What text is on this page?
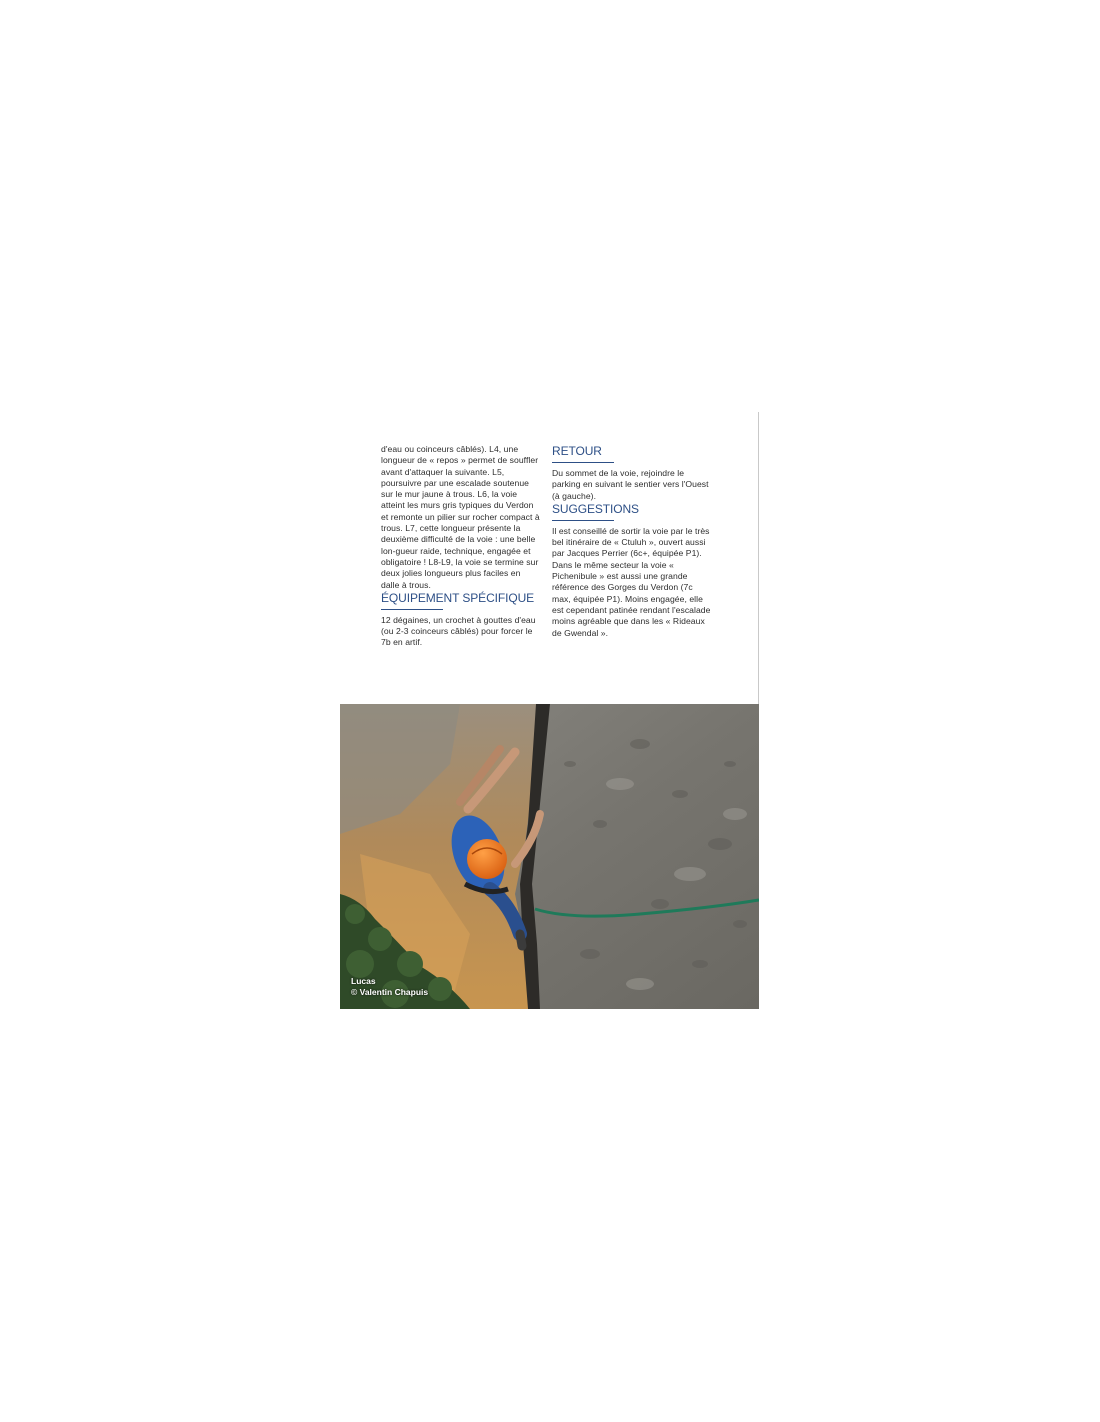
d'eau ou coinceurs câblés). L4, une longueur de « repos » permet de souffler avant d'attaquer la suivante. L5, poursuivre par une escalade soutenue sur le mur jaune à trous. L6, la voie atteint les murs gris typiques du Verdon et remonte un pilier sur rocher compact à trous. L7, cette longueur présente la deuxième difficulté de la voie : une belle lon-gueur raide, technique, engagée et obligatoire ! L8-L9, la voie se termine sur deux jolies longueurs plus faciles en dalle à trous.

ÉQUIPEMENT SPÉCIFIQUE

12 dégaines, un crochet à gouttes d'eau (ou 2-3 coinceurs câblés) pour forcer le 7b en artif.

RETOUR

Du sommet de la voie, rejoindre le parking en suivant le sentier vers l'Ouest (à gauche).

SUGGESTIONS

Il est conseillé de sortir la voie par le très bel itinéraire de « Ctuluh », ouvert aussi par Jacques Perrier (6c+, équipée P1). Dans le même secteur la voie « Pichenibule » est aussi une grande référence des Gorges du Verdon (7c max, équipée P1). Moins engagée, elle est cependant patinée rendant l'escalade moins agréable que dans les « Rideaux de Gwendal ».

Lucas
© Valentin Chapuis
